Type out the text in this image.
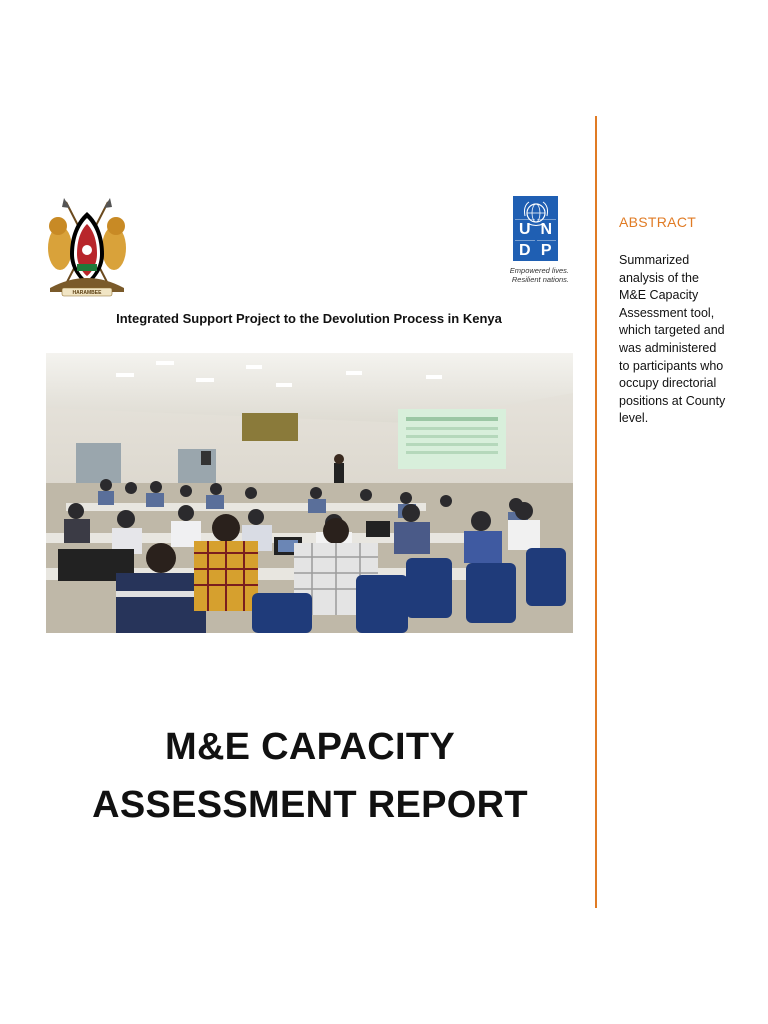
HARAMBEE
U N
D P
Empowered lives.
Resilient nations.
Integrated Support Project to the Devolution Process in Kenya
M&E CAPACITY
ASSESSMENT REPORT
ABSTRACT
Summarized analysis of the M&E Capacity Assessment tool, which targeted and was administered to participants who occupy directorial positions at County level.
